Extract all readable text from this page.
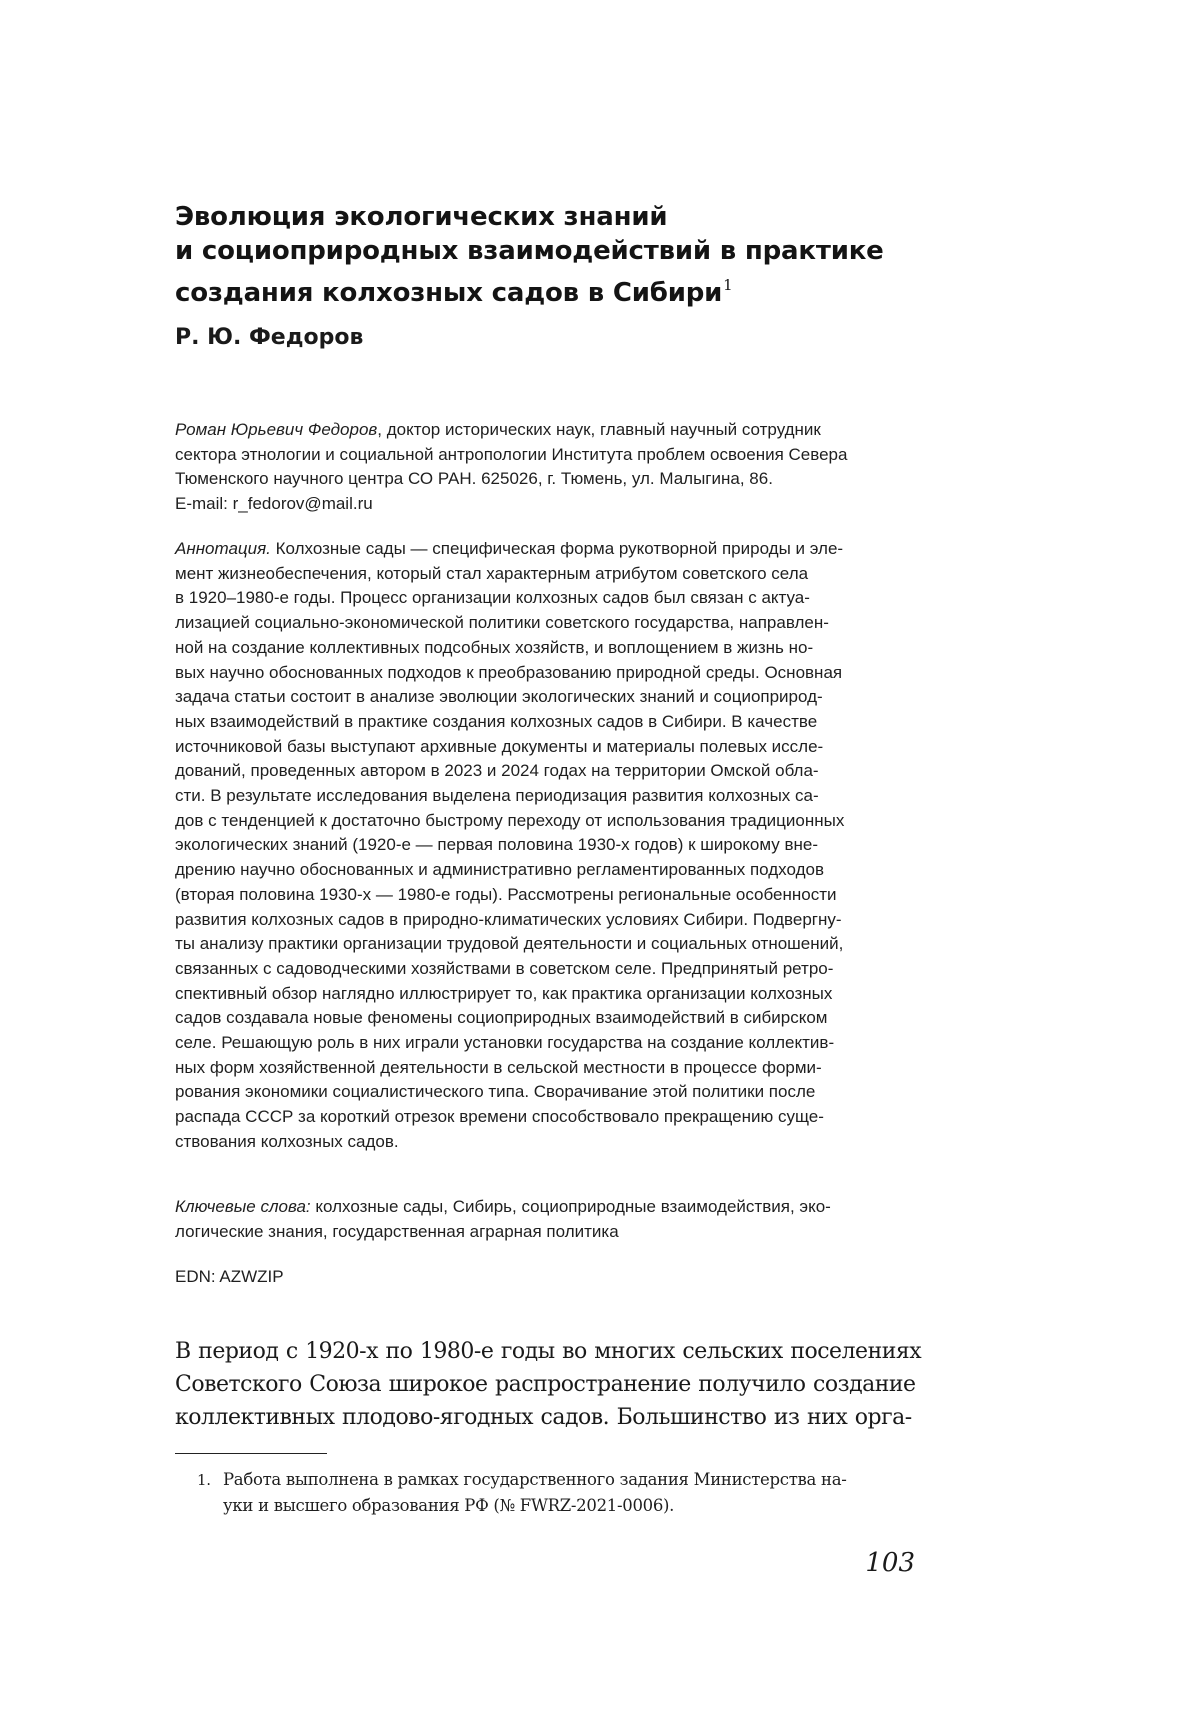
Эволюция экологических знаний
и социоприродных взаимодействий в практике
создания колхозных садов в Сибири1

Р. Ю. Федоров

Роман Юрьевич Федоров, доктор исторических наук, главный научный сотрудник
сектора этнологии и социальной антропологии Института проблем освоения Севера
Тюменского научного центра СО РАН. 625026, г. Тюмень, ул. Малыгина, 86.
E-mail: r_fedorov@mail.ru
Аннотация. Колхозные сады — специфическая форма рукотворной природы и эле-
мент жизнеобеспечения, который стал характерным атрибутом советского села
в 1920–1980-е годы. Процесс организации колхозных садов был связан с актуа-
лизацией социально-экономической политики советского государства, направлен-
ной на создание коллективных подсобных хозяйств, и воплощением в жизнь но-
вых научно обоснованных подходов к преобразованию природной среды. Основная
задача статьи состоит в анализе эволюции экологических знаний и социоприрод-
ных взаимодействий в практике создания колхозных садов в Сибири. В качестве
источниковой базы выступают архивные документы и материалы полевых иссле-
дований, проведенных автором в 2023 и 2024 годах на территории Омской обла-
сти. В результате исследования выделена периодизация развития колхозных са-
дов с тенденцией к достаточно быстрому переходу от использования традиционных
экологических знаний (1920-е — первая половина 1930-х годов) к широкому вне-
дрению научно обоснованных и административно регламентированных подходов
(вторая половина 1930-х — 1980-е годы). Рассмотрены региональные особенности
развития колхозных садов в природно-климатических условиях Сибири. Подвергну-
ты анализу практики организации трудовой деятельности и социальных отношений,
связанных с садоводческими хозяйствами в советском селе. Предпринятый ретро-
спективный обзор наглядно иллюстрирует то, как практика организации колхозных
садов создавала новые феномены социоприродных взаимодействий в сибирском
селе. Решающую роль в них играли установки государства на создание коллектив-
ных форм хозяйственной деятельности в сельской местности в процессе форми-
рования экономики социалистического типа. Сворачивание этой политики после
распада СССР за короткий отрезок времени способствовало прекращению суще-
ствования колхозных садов.
Ключевые слова: колхозные сады, Сибирь, социоприродные взаимодействия, эко-
логические знания, государственная аграрная политика

EDN: AZWZIP

В период с 1920-х по 1980-е годы во многих сельских поселениях
Советского Союза широкое распространение получило создание
коллективных плодово-ягодных садов. Большинство из них орга-
1. Работа выполнена в рамках государственного задания Министерства на-
уки и высшего образования РФ (№ FWRZ-2021-0006).

103
